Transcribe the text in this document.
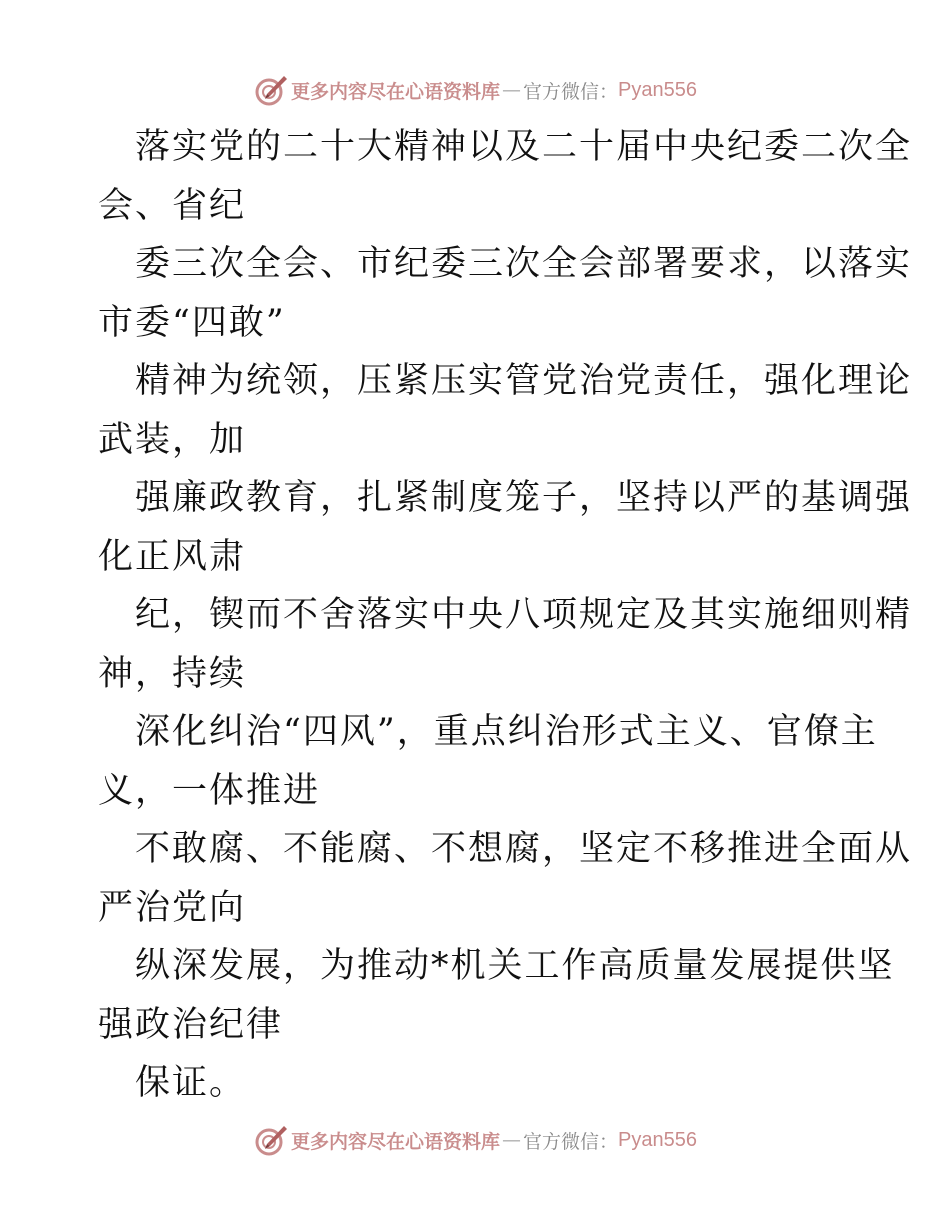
更多内容尽在心语资料库 — 官方微信： Pyan556
落实党的二十大精神以及二十届中央纪委二次全
会、省纪
委三次全会、市纪委三次全会部署要求，以落实
市委“四敢”
精神为统领，压紧压实管党治党责任，强化理论
武装，加
强廉政教育，扎紧制度笼子，坚持以严的基调强
化正风肃
纪，锲而不舍落实中央八项规定及其实施细则精
神，持续
深化纠治“四风”，重点纠治形式主义、官僚主
义，一体推进
不敢腐、不能腐、不想腐，坚定不移推进全面从
严治党向
纵深发展，为推动*机关工作高质量发展提供坚
强政治纪律
保证。
更多内容尽在心语资料库 — 官方微信： Pyan556
